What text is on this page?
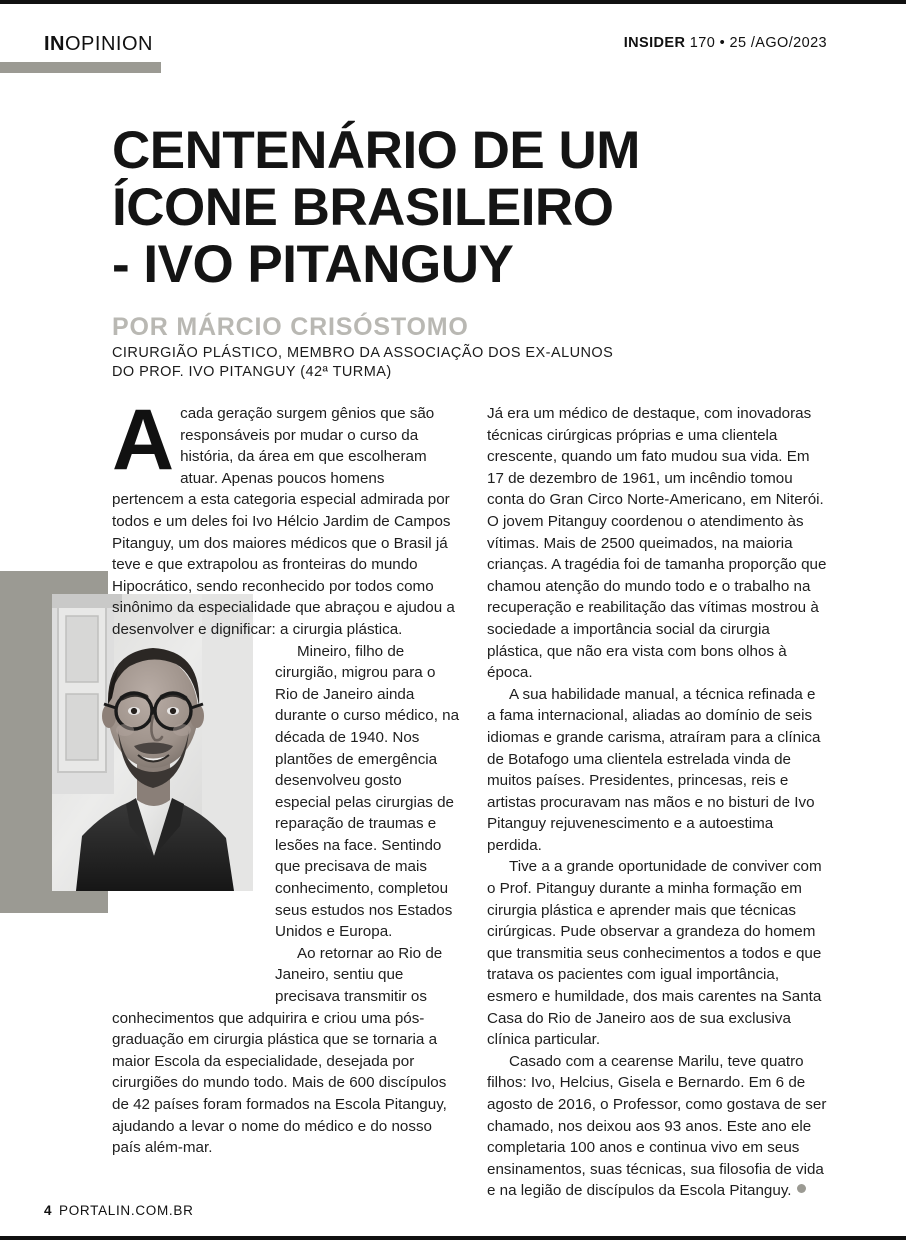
INOPINION	INSIDER 170 • 25 /AGO/2023
CENTENÁRIO DE UM
ÍCONE BRASILEIRO
- IVO PITANGUY
POR MÁRCIO CRISÓSTOMO
CIRURGIÃO PLÁSTICO, MEMBRO DA ASSOCIAÇÃO DOS EX-ALUNOS
DO PROF. IVO PITANGUY (42ª TURMA)

Acada geração surgem gênios que são responsáveis por mudar o curso da história, da área em que escolheram atuar. Apenas poucos homens pertencem a esta categoria especial admirada por todos e um deles foi Ivo Hélcio Jardim de Campos Pitanguy, um dos maiores médicos que o Brasil já teve e que extrapolou as fronteiras do mundo Hipocrático, sendo reconhecido por todos como sinônimo da especialidade que abraçou e ajudou a desenvolver e dignificar: a cirurgia plástica.

Mineiro, filho de cirurgião, migrou para o Rio de Janeiro ainda durante o curso médico, na década de 1940. Nos plantões de emergência desenvolveu gosto especial pelas cirurgias de reparação de traumas e lesões na face. Sentindo que precisava de mais conhecimento, completou seus estudos nos Estados Unidos e Europa.

Ao retornar ao Rio de Janeiro, sentiu que precisava transmitir os conhecimentos que adquirira e criou uma pós-graduação em cirurgia plástica que se tornaria a maior Escola da especialidade, desejada por cirurgiões do mundo todo. Mais de 600 discípulos de 42 países foram formados na Escola Pitanguy, ajudando a levar o nome do médico e do nosso país além-mar.

Já era um médico de destaque, com inovadoras técnicas cirúrgicas próprias e uma clientela crescente, quando um fato mudou sua vida. Em 17 de dezembro de 1961, um incêndio tomou conta do Gran Circo Norte-Americano, em Niterói. O jovem Pitanguy coordenou o atendimento às vítimas. Mais de 2500 queimados, na maioria crianças. A tragédia foi de tamanha proporção que chamou atenção do mundo todo e o trabalho na recuperação e reabilitação das vítimas mostrou à sociedade a importância social da cirurgia plástica, que não era vista com bons olhos à época.

A sua habilidade manual, a técnica refinada e a fama internacional, aliadas ao domínio de seis idiomas e grande carisma, atraíram para a clínica de Botafogo uma clientela estrelada vinda de muitos países. Presidentes, princesas, reis e artistas procuravam nas mãos e no bisturi de Ivo Pitanguy rejuvenescimento e a autoestima perdida.

Tive a a grande oportunidade de conviver com o Prof. Pitanguy durante a minha formação em cirurgia plástica e aprender mais que técnicas cirúrgicas. Pude observar a grandeza do homem que transmitia seus conhecimentos a todos e que tratava os pacientes com igual importância, esmero e humildade, dos mais carentes na Santa Casa do Rio de Janeiro aos de sua exclusiva clínica particular.

Casado com a cearense Marilu, teve quatro filhos: Ivo, Helcius, Gisela e Bernardo. Em 6 de agosto de 2016, o Professor, como gostava de ser chamado, nos deixou aos 93 anos. Este ano ele completaria 100 anos e continua vivo em seus ensinamentos, suas técnicas, sua filosofia de vida e na legião de discípulos da Escola Pitanguy.

4 PORTALIN.COM.BR
